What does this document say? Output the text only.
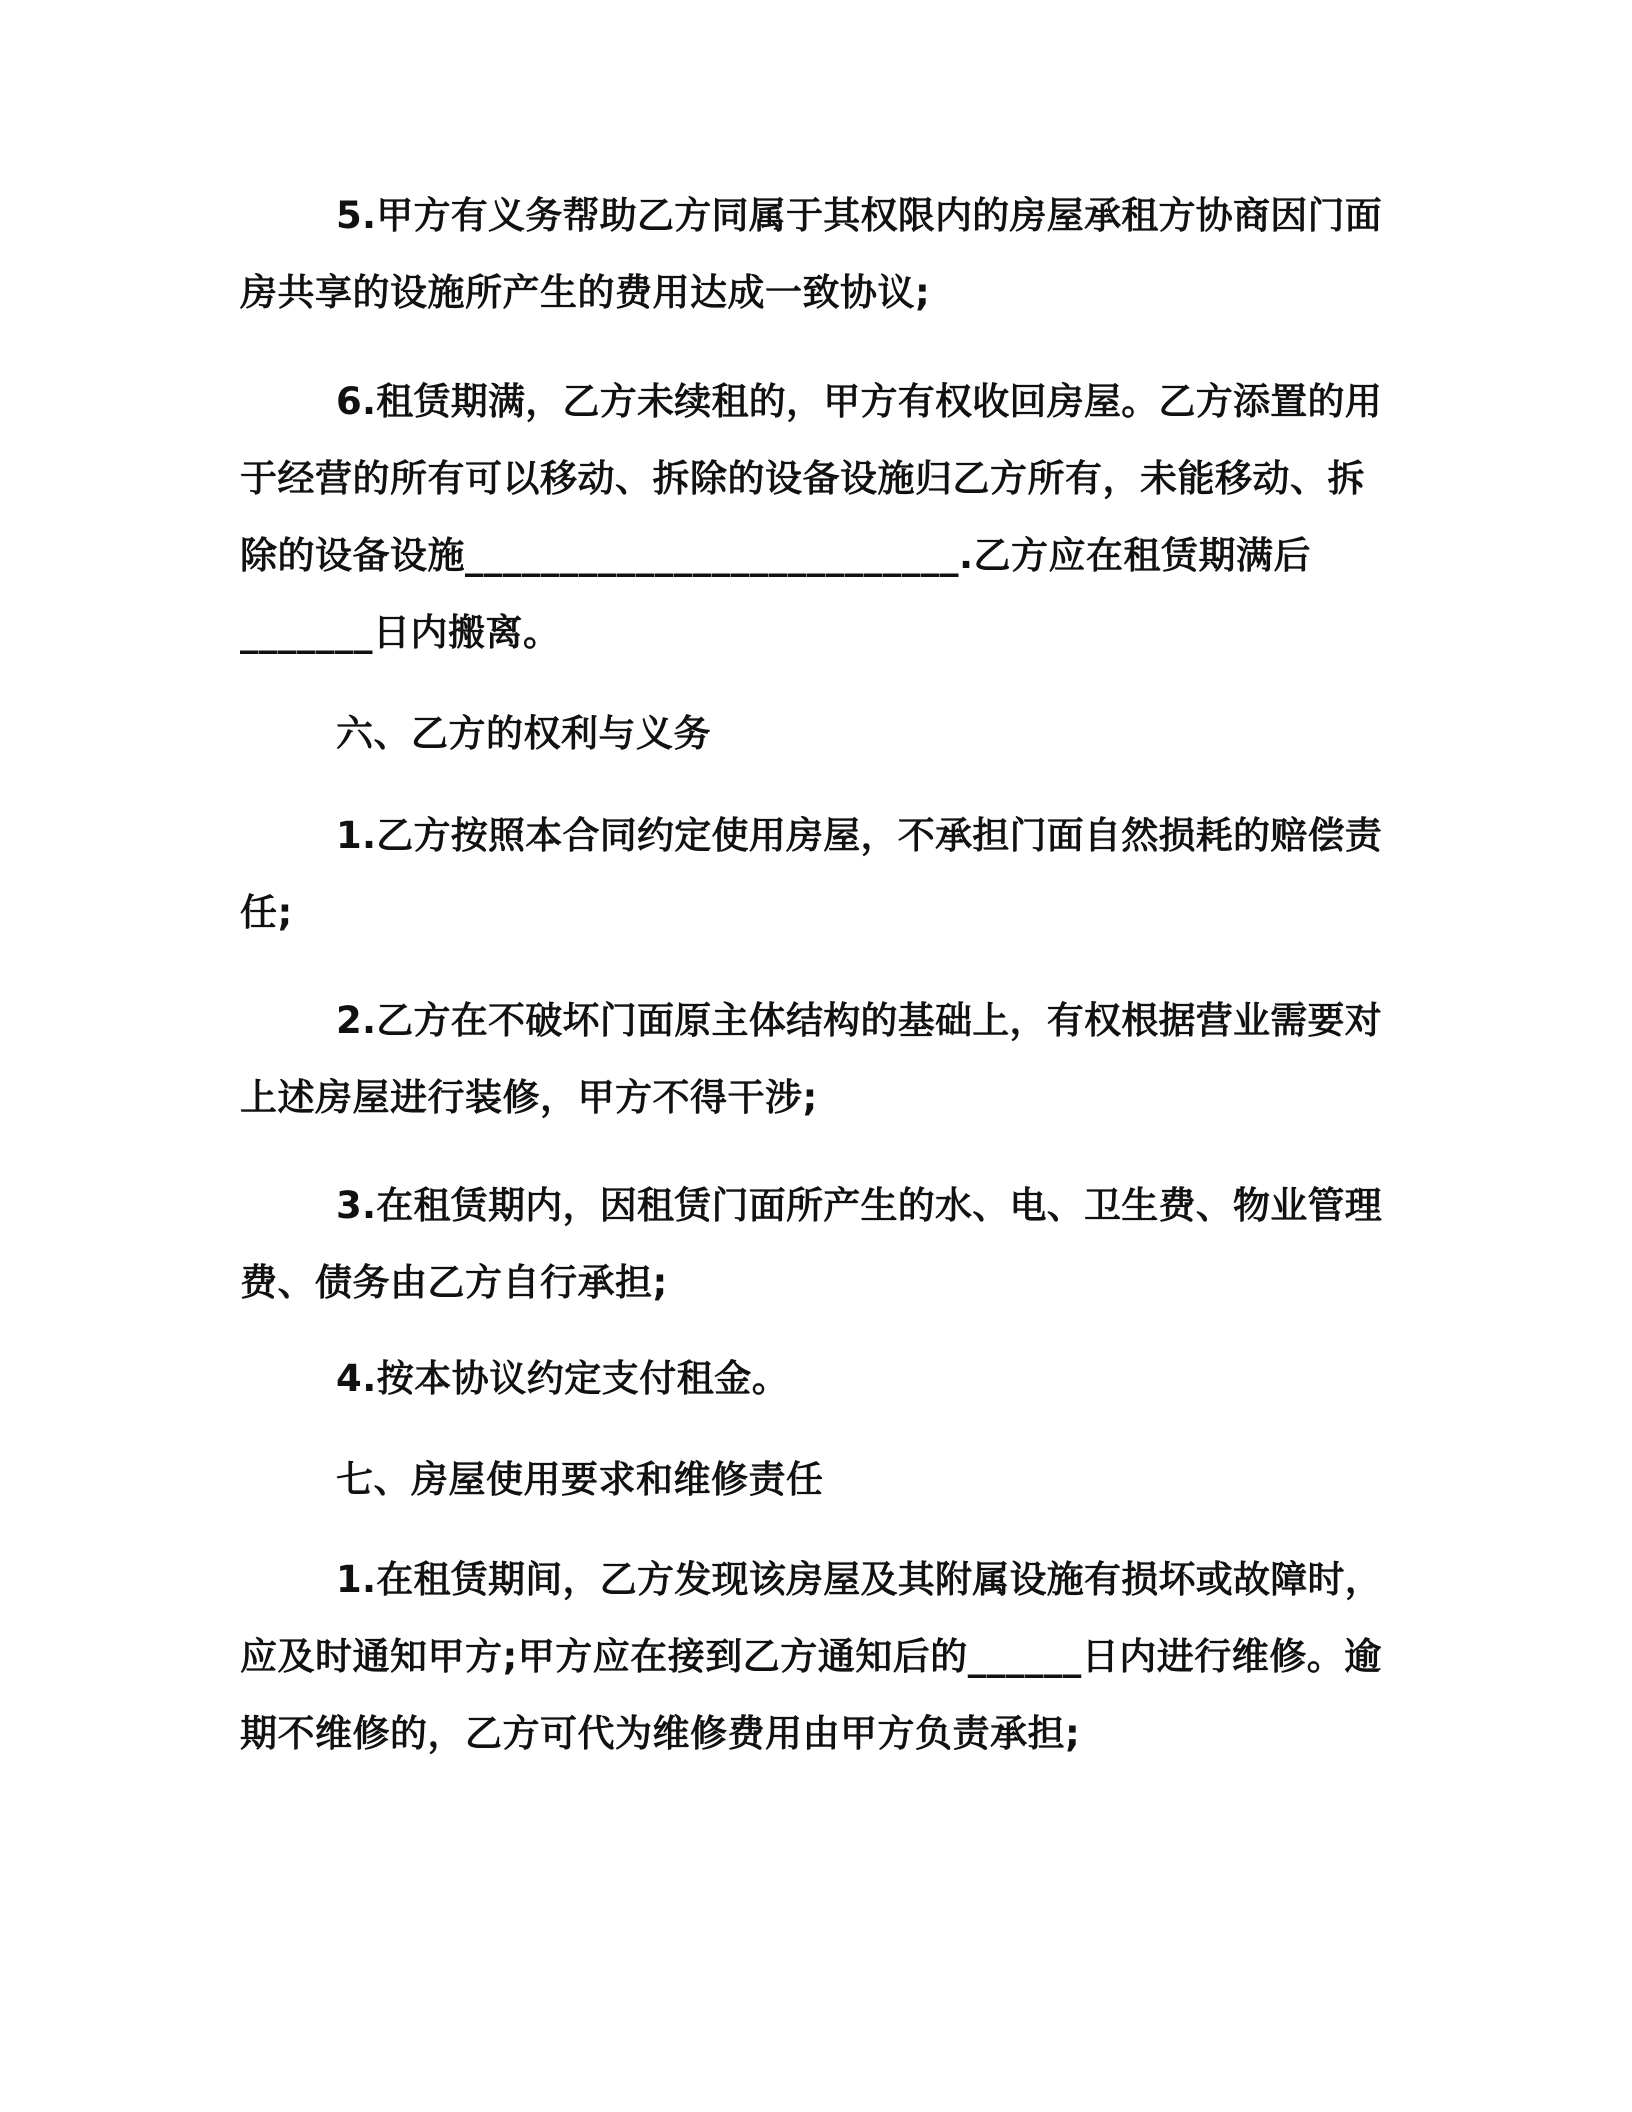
5.甲方有义务帮助乙方同属于其权限内的房屋承租方协商因门面
房共享的设施所产生的费用达成一致协议;
6.租赁期满，乙方未续租的，甲方有权收回房屋。乙方添置的用
于经营的所有可以移动、拆除的设备设施归乙方所有，未能移动、拆
除的设备设施__________________________.乙方应在租赁期满后
_______日内搬离。
六、乙方的权利与义务
1.乙方按照本合同约定使用房屋，不承担门面自然损耗的赔偿责
任;
2.乙方在不破坏门面原主体结构的基础上，有权根据营业需要对
上述房屋进行装修，甲方不得干涉;
3.在租赁期内，因租赁门面所产生的水、电、卫生费、物业管理
费、债务由乙方自行承担;
4.按本协议约定支付租金。
七、房屋使用要求和维修责任
1.在租赁期间，乙方发现该房屋及其附属设施有损坏或故障时，
应及时通知甲方;甲方应在接到乙方通知后的______日内进行维修。逾
期不维修的，乙方可代为维修费用由甲方负责承担;
